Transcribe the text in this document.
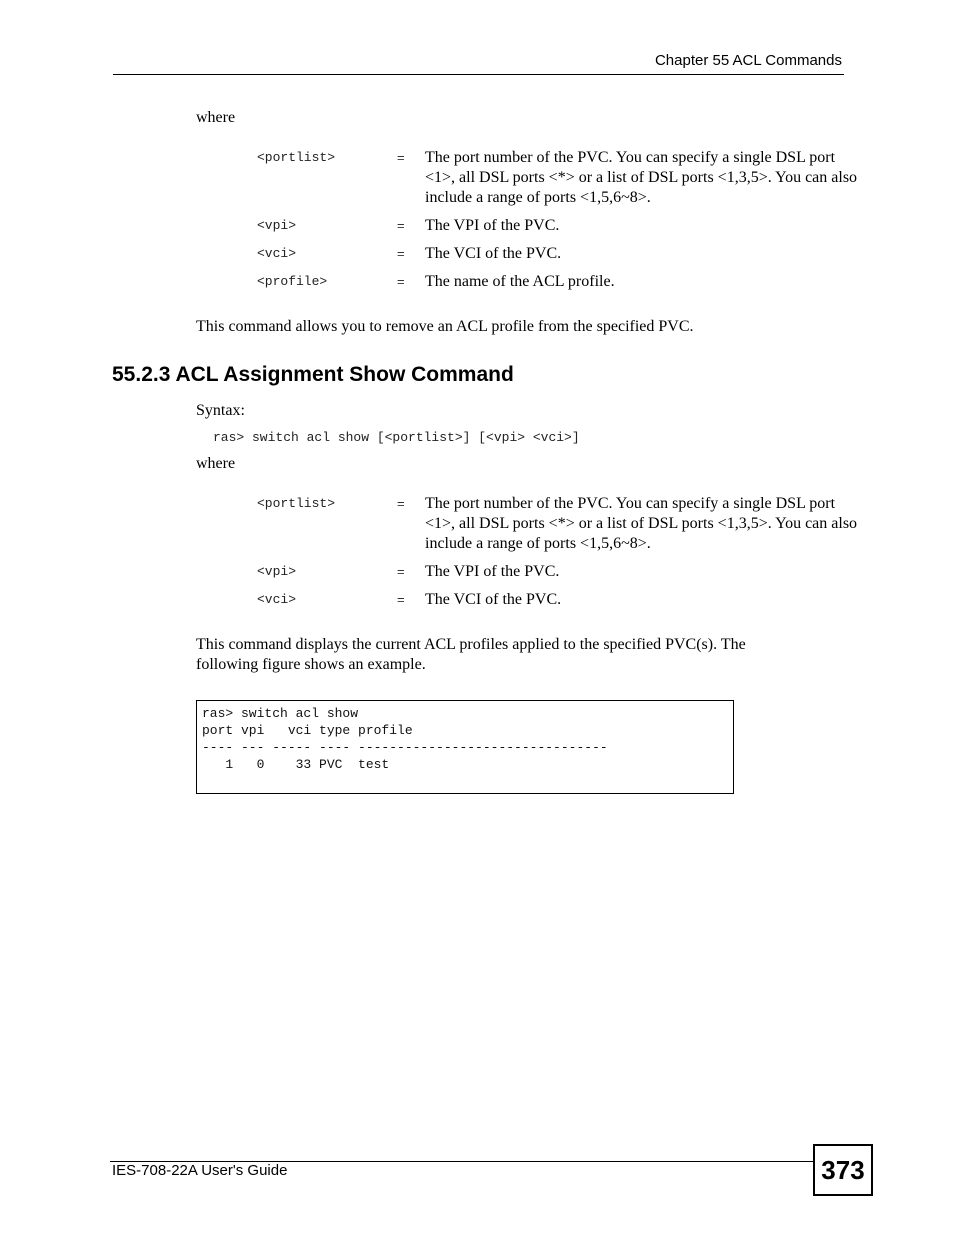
Chapter 55 ACL Commands
where
<portlist>	= The port number of the PVC. You can specify a single DSL port <1>, all DSL ports <*> or a list of DSL ports <1,3,5>. You can also include a range of ports <1,5,6~8>.
<vpi>	= The VPI of the PVC.
<vci>	= The VCI of the PVC.
<profile>	= The name of the ACL profile.
This command allows you to remove an ACL profile from the specified PVC.
55.2.3 ACL Assignment Show Command
Syntax:
ras> switch acl show [<portlist>] [<vpi> <vci>]
where
<portlist>	= The port number of the PVC. You can specify a single DSL port <1>, all DSL ports <*> or a list of DSL ports <1,3,5>. You can also include a range of ports <1,5,6~8>.
<vpi>	= The VPI of the PVC.
<vci>	= The VCI of the PVC.
This command displays the current ACL profiles applied to the specified PVC(s). The
following figure shows an example.
ras> switch acl show
port vpi   vci type profile
---- --- ----- ---- --------------------------------
1   0    33 PVC  test
IES-708-22A User's Guide	373
